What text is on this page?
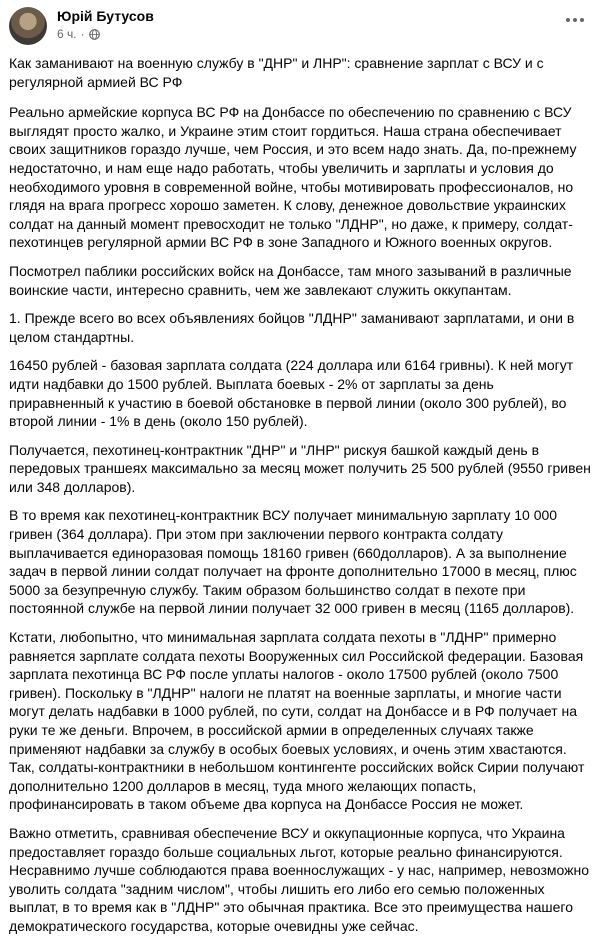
Юрій Бутусов
6 ч. ·

Как заманивают на военную службу в "ДНР" и ЛНР": сравнение зарплат с ВСУ и с регулярной армией ВС РФ

Реально армейские корпуса ВС РФ на Донбассе по обеспечению по сравнению с ВСУ выглядят просто жалко, и Украине этим стоит гордиться. Наша страна обеспечивает своих защитников гораздо лучше, чем Россия, и это всем надо знать. Да, по-прежнему недостаточно, и нам еще надо работать, чтобы увеличить и зарплаты и условия до необходимого уровня в современной войне, чтобы мотивировать профессионалов, но глядя на врага прогресс хорошо заметен. К слову, денежное довольствие украинских солдат на данный момент превосходит не только "ЛДНР", но даже, к примеру, солдат-пехотинцев регулярной армии ВС РФ в зоне Западного и Южного военных округов.

Посмотрел паблики российских войск на Донбассе, там много зазываний в различные воинские части, интересно сравнить, чем же завлекают служить оккупантам.

1. Прежде всего во всех объявлениях бойцов "ЛДНР" заманивают зарплатами, и они в целом стандартны.

16450 рублей - базовая зарплата солдата (224 доллара или 6164 гривны). К ней могут идти надбавки до 1500 рублей. Выплата боевых - 2% от зарплаты за день приравненный к участию в боевой обстановке в первой линии (около 300 рублей), во второй линии - 1% в день (около 150 рублей).

Получается, пехотинец-контрактник "ДНР" и "ЛНР" рискуя башкой каждый день в передовых траншеях максимально за месяц может получить 25 500 рублей (9550 гривен или 348 долларов).

В то время как пехотинец-контрактник ВСУ получает минимальную зарплату 10 000 гривен (364 доллара). При этом при заключении первого контракта солдату выплачивается единоразовая помощь 18160 гривен (660долларов). А за выполнение задач в первой линии солдат получает на фронте дополнительно 17000 в месяц, плюс 5000 за безупречную службу. Таким образом большинство солдат в пехоте при постоянной службе на первой линии получает 32 000 гривен в месяц (1165 долларов).

Кстати, любопытно, что минимальная зарплата солдата пехоты в "ЛДНР" примерно равняется зарплате солдата пехоты Вооруженных сил Российской федерации. Базовая зарплата пехотинца ВС РФ после уплаты налогов - около 17500 рублей (около 7500 гривен). Поскольку в "ЛДНР" налоги не платят на военные зарплаты, и многие части могут делать надбавки в 1000 рублей, по сути, солдат на Донбассе и в РФ получает на руки те же деньги. Впрочем, в российской армии в определенных случаях также применяют надбавки за службу в особых боевых условиях, и очень этим хвастаются. Так, солдаты-контрактники в небольшом контингенте российских войск Сирии получают дополнительно 1200 долларов в месяц, туда много желающих попасть, профинансировать в таком объеме два корпуса на Донбассе Россия не может.

Важно отметить, сравнивая обеспечение ВСУ и оккупационные корпуса, что Украина предоставляет гораздо больше социальных льгот, которые реально финансируются. Несравнимо лучше соблюдаются права военнослужащих - у нас, например, невозможно уволить солдата "задним числом", чтобы лишить его либо его семью положенных выплат, в то время как в "ЛДНР" это обычная практика. Все это преимущества нашего демократического государства, которые очевидны уже сейчас.
